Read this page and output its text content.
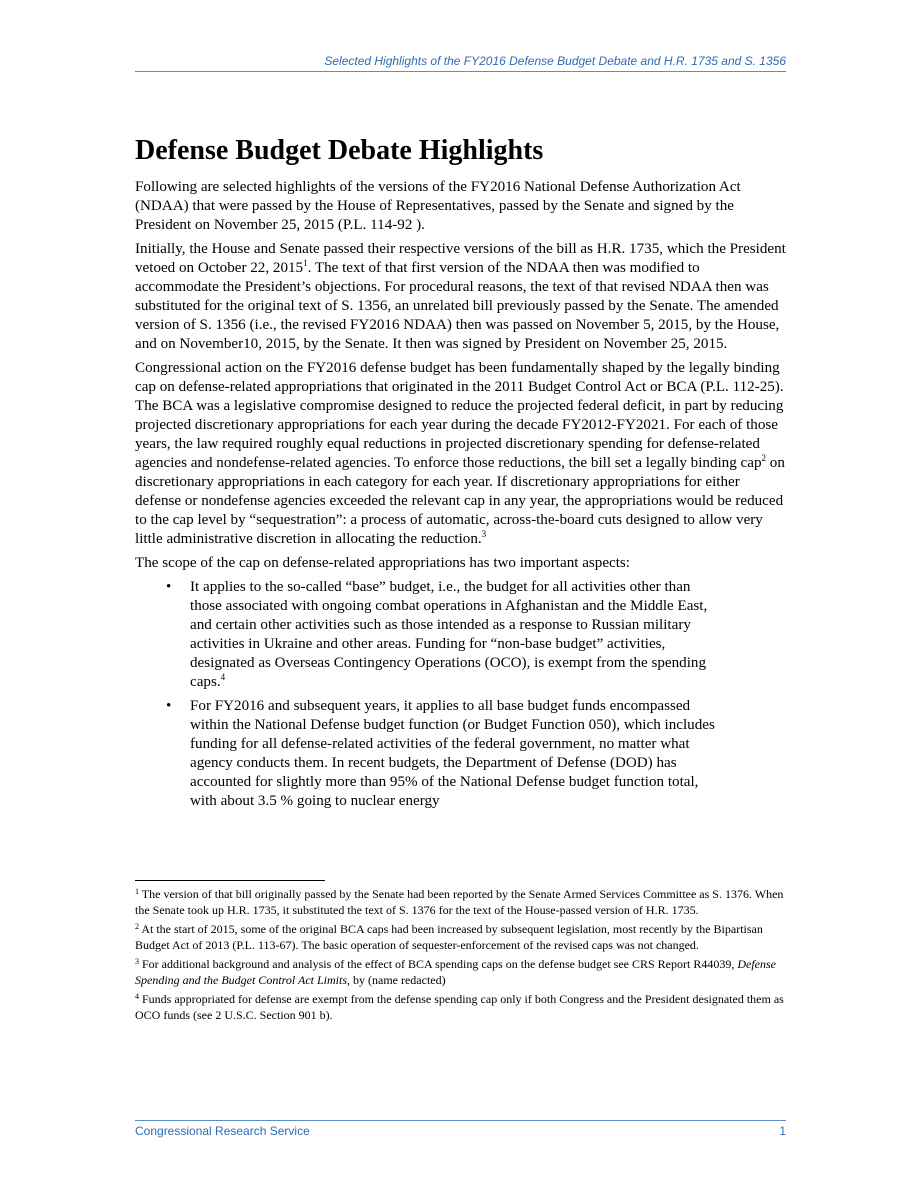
Selected Highlights of the FY2016 Defense Budget Debate and H.R. 1735 and S. 1356
Defense Budget Debate Highlights

Following are selected highlights of the versions of the FY2016 National Defense Authorization Act (NDAA) that were passed by the House of Representatives, passed by the Senate and signed by the President on November 25, 2015 (P.L. 114-92 ).

Initially, the House and Senate passed their respective versions of the bill as H.R. 1735, which the President vetoed on October 22, 2015$^1$. The text of that first version of the NDAA then was modified to accommodate the President’s objections. For procedural reasons, the text of that revised NDAA then was substituted for the original text of S. 1356, an unrelated bill previously passed by the Senate. The amended version of S. 1356 (i.e., the revised FY2016 NDAA) then was passed on November 5, 2015, by the House, and on November10, 2015, by the Senate. It then was signed by President on November 25, 2015.

Congressional action on the FY2016 defense budget has been fundamentally shaped by the legally binding cap on defense-related appropriations that originated in the 2011 Budget Control Act or BCA (P.L. 112-25). The BCA was a legislative compromise designed to reduce the projected federal deficit, in part by reducing projected discretionary appropriations for each year during the decade FY2012-FY2021. For each of those years, the law required roughly equal reductions in projected discretionary spending for defense-related agencies and nondefense-related agencies. To enforce those reductions, the bill set a legally binding cap$^2$ on discretionary appropriations in each category for each year. If discretionary appropriations for either defense or nondefense agencies exceeded the relevant cap in any year, the appropriations would be reduced to the cap level by “sequestration”: a process of automatic, across-the-board cuts designed to allow very little administrative discretion in allocating the reduction.$^3$

The scope of the cap on defense-related appropriations has two important aspects:

• It applies to the so-called “base” budget, i.e., the budget for all activities other than those associated with ongoing combat operations in Afghanistan and the Middle East, and certain other activities such as those intended as a response to Russian military activities in Ukraine and other areas. Funding for “non-base budget” activities, designated as Overseas Contingency Operations (OCO), is exempt from the spending caps.$^4$
• For FY2016 and subsequent years, it applies to all base budget funds encompassed within the National Defense budget function (or Budget Function 050), which includes funding for all defense-related activities of the federal government, no matter what agency conducts them. In recent budgets, the Department of Defense (DOD) has accounted for slightly more than 95% of the National Defense budget function total, with about 3.5 % going to nuclear energy
$^1$ The version of that bill originally passed by the Senate had been reported by the Senate Armed Services Committee as S. 1376. When the Senate took up H.R. 1735, it substituted the text of S. 1376 for the text of the House-passed version of H.R. 1735.
$^2$ At the start of 2015, some of the original BCA caps had been increased by subsequent legislation, most recently by the Bipartisan Budget Act of 2013 (P.L. 113-67). The basic operation of sequester-enforcement of the revised caps was not changed.
$^3$ For additional background and analysis of the effect of BCA spending caps on the defense budget see CRS Report R44039, Defense Spending and the Budget Control Act Limits, by (name redacted)
$^4$ Funds appropriated for defense are exempt from the defense spending cap only if both Congress and the President designated them as OCO funds (see 2 U.S.C. Section 901 b).
Congressional Research Service	1
